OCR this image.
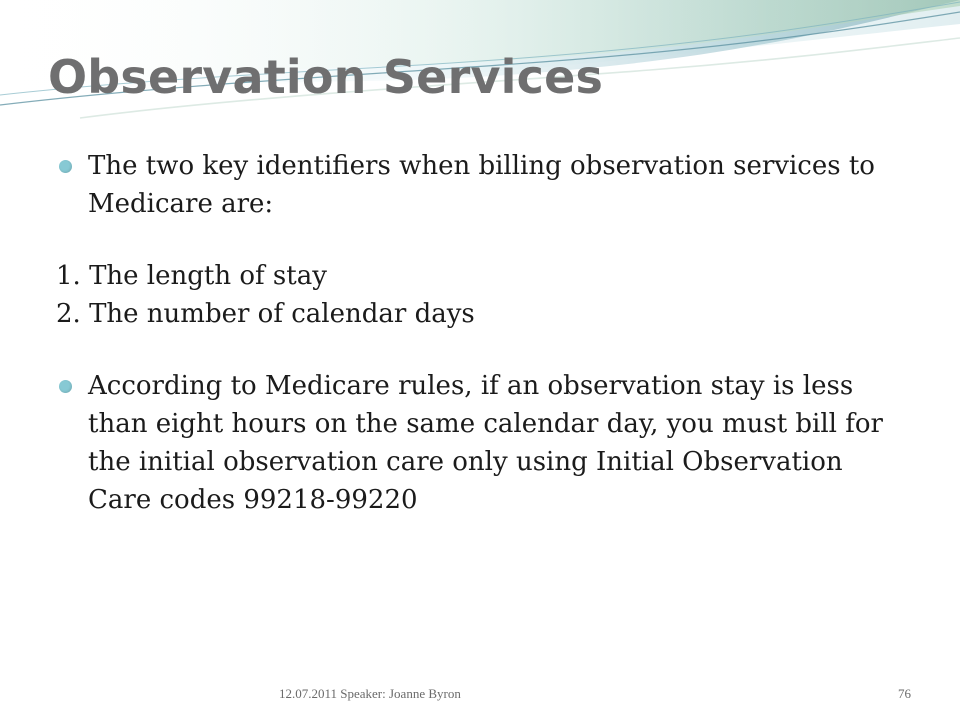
Observation Services
The two key identifiers when billing observation services to Medicare are:
1. The length of stay
2. The number of calendar days
According to Medicare rules, if an observation stay is less than eight hours on the same calendar day, you must bill for the initial observation care only using Initial Observation Care codes 99218-99220
12.07.2011 Speaker: Joanne Byron	76
